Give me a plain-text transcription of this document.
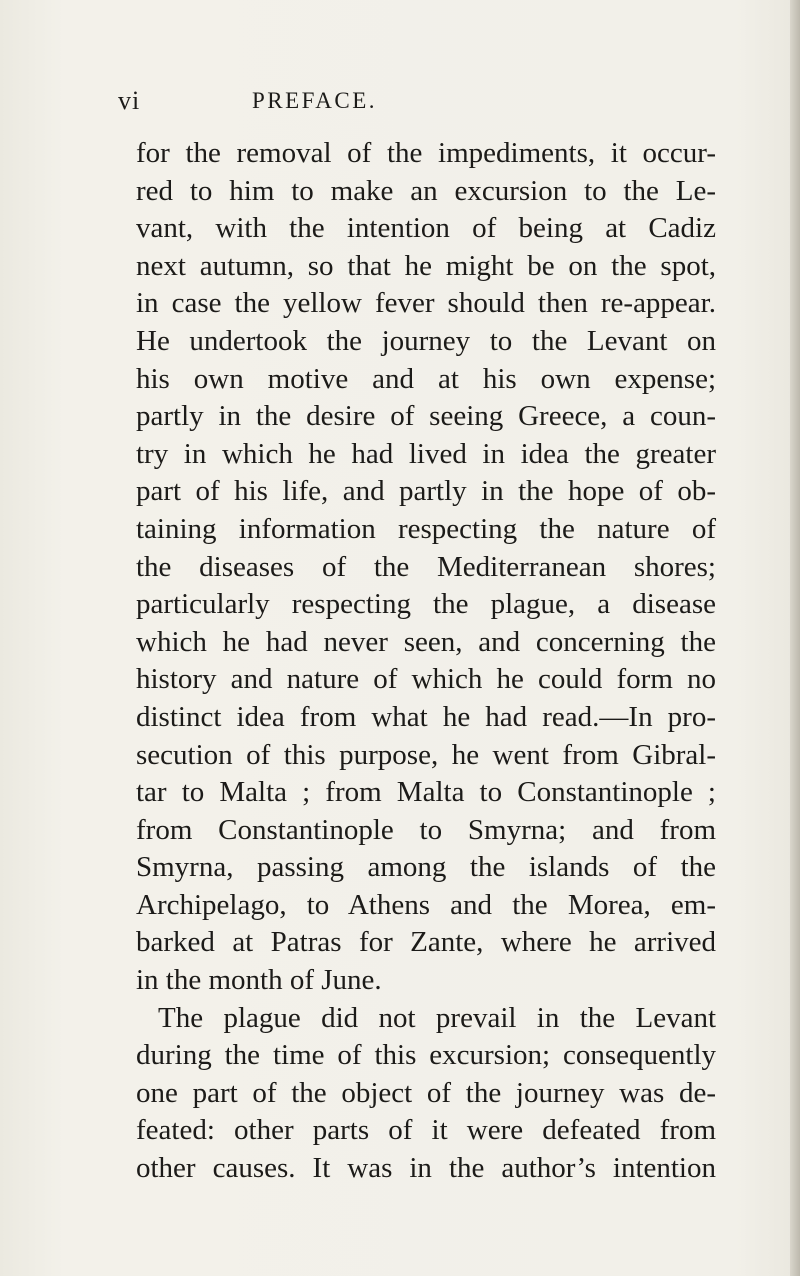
vi	PREFACE.
for the removal of the impediments, it occur-
red to him to make an excursion to the Le-
vant, with the intention of being at Cadiz
next autumn, so that he might be on the spot,
in case the yellow fever should then re-appear.
He undertook the journey to the Levant on
his own motive and at his own expense;
partly in the desire of seeing Greece, a coun-
try in which he had lived in idea the greater
part of his life, and partly in the hope of ob-
taining information respecting the nature of
the diseases of the Mediterranean shores;
particularly respecting the plague, a disease
which he had never seen, and concerning the
history and nature of which he could form no
distinct idea from what he had read.—In pro-
secution of this purpose, he went from Gibral-
tar to Malta ; from Malta to Constantinople ;
from Constantinople to Smyrna; and from
Smyrna, passing among the islands of the
Archipelago, to Athens and the Morea, em-
barked at Patras for Zante, where he arrived
in the month of June.
The plague did not prevail in the Levant
during the time of this excursion; consequently
one part of the object of the journey was de-
feated: other parts of it were defeated from
other causes. It was in the author’s intention
